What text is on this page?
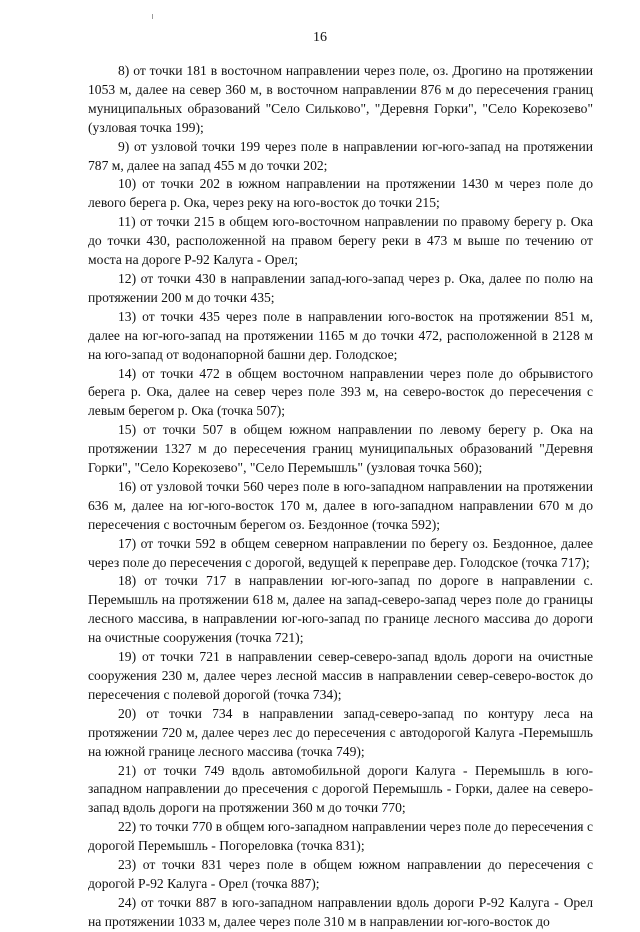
16

8) от точки 181 в восточном направлении через поле, оз. Дрогино на протяжении 1053 м, далее на север 360 м, в восточном направлении 876 м до пересечения границ муниципальных образований "Село Сильково", "Деревня Горки", "Село Корекозево" (узловая точка 199);

9) от узловой точки 199 через поле в направлении юг-юго-запад на протяжении 787 м, далее на запад 455 м до точки 202;

10) от точки 202 в южном направлении на протяжении 1430 м через поле до левого берега р. Ока, через реку на юго-восток до точки 215;

11) от точки 215 в общем юго-восточном направлении по правому берегу р. Ока до точки 430, расположенной на правом берегу реки в 473 м выше по течению от моста на дороге Р-92 Калуга - Орел;

12) от точки 430 в направлении запад-юго-запад через р. Ока, далее по полю на протяжении 200 м до точки 435;

13) от точки 435 через поле в направлении юго-восток на протяжении 851 м, далее на юг-юго-запад на протяжении 1165 м до точки 472, расположенной в 2128 м на юго-запад от водонапорной башни дер. Голодское;

14) от точки 472 в общем восточном направлении через поле до обрывистого берега р. Ока, далее на север через поле 393 м, на северо-восток до пересечения с левым берегом р. Ока (точка 507);

15) от точки 507 в общем южном направлении по левому берегу р. Ока на протяжении 1327 м до пересечения границ муниципальных образований "Деревня Горки", "Село Корекозево", "Село Перемышль" (узловая точка 560);

16) от узловой точки 560 через поле в юго-западном направлении на протяжении 636 м, далее на юг-юго-восток 170 м, далее в юго-западном направлении 670 м до пересечения с восточным берегом оз. Бездонное (точка 592);

17) от точки 592 в общем северном направлении по берегу оз. Бездонное, далее через поле до пересечения с дорогой, ведущей к переправе дер. Голодское (точка 717);

18) от точки 717 в направлении юг-юго-запад по дороге в направлении с. Перемышль на протяжении 618 м, далее на запад-северо-запад через поле до границы лесного массива, в направлении юг-юго-запад по границе лесного массива до дороги на очистные сооружения (точка 721);

19) от точки 721 в направлении север-северо-запад вдоль дороги на очистные сооружения 230 м, далее через лесной массив в направлении север-северо-восток до пересечения с полевой дорогой (точка 734);

20) от точки 734 в направлении запад-северо-запад по контуру леса на протяжении 720 м, далее через лес до пересечения с автодорогой Калуга -Перемышль на южной границе лесного массива (точка 749);

21) от точки 749 вдоль автомобильной дороги Калуга - Перемышль в юго-западном направлении до пресечения с дорогой Перемышль - Горки, далее на северо-запад вдоль дороги на протяжении 360 м до точки 770;

22) то точки 770 в общем юго-западном направлении через поле до пересечения с дорогой Перемышль - Погореловка (точка 831);

23) от точки 831 через поле в общем южном направлении до пересечения с дорогой Р-92 Калуга - Орел (точка 887);

24) от точки 887 в юго-западном направлении вдоль дороги Р-92 Калуга - Орел на протяжении 1033 м, далее через поле 310 м в направлении юг-юго-восток до
